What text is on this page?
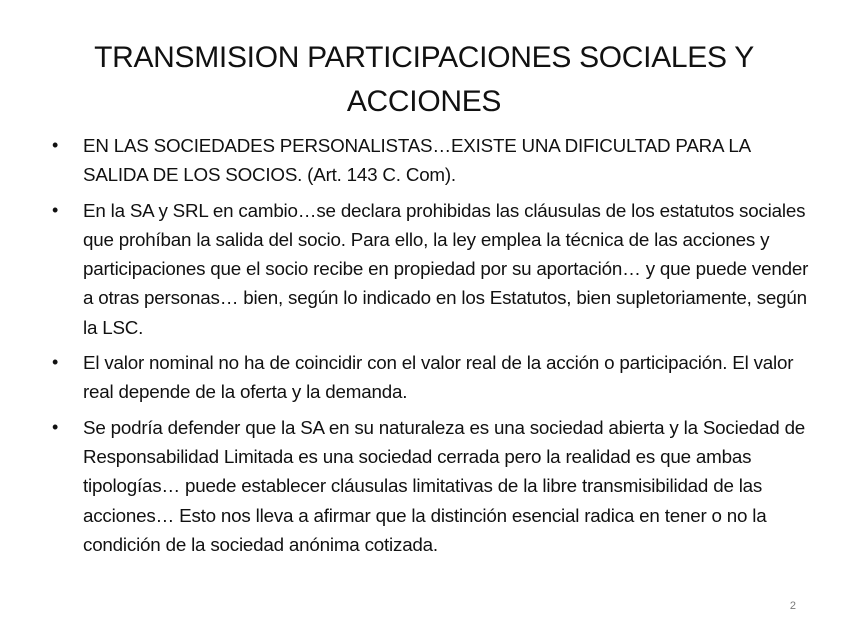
TRANSMISION PARTICIPACIONES SOCIALES Y ACCIONES
• EN LAS SOCIEDADES PERSONALISTAS…EXISTE UNA DIFICULTAD PARA LA SALIDA DE LOS SOCIOS. (Art. 143 C. Com).
• En la SA y SRL en cambio…se declara prohibidas las cláusulas de los estatutos sociales que prohíban la salida del socio. Para ello, la ley emplea la técnica de las acciones y participaciones que el socio recibe en propiedad por su aportación… y que puede vender a otras personas… bien, según lo indicado en los Estatutos, bien supletoriamente, según la LSC.
• El valor nominal no ha de coincidir con el valor real de la acción o participación. El valor real depende de la oferta y la demanda.
• Se podría defender que la SA en su naturaleza es una sociedad abierta y la Sociedad de Responsabilidad Limitada es una sociedad cerrada pero la realidad es que ambas tipologías… puede establecer cláusulas limitativas de la libre transmisibilidad de las acciones… Esto nos lleva a afirmar que la distinción esencial radica en tener o no la condición de la sociedad anónima cotizada.
2
